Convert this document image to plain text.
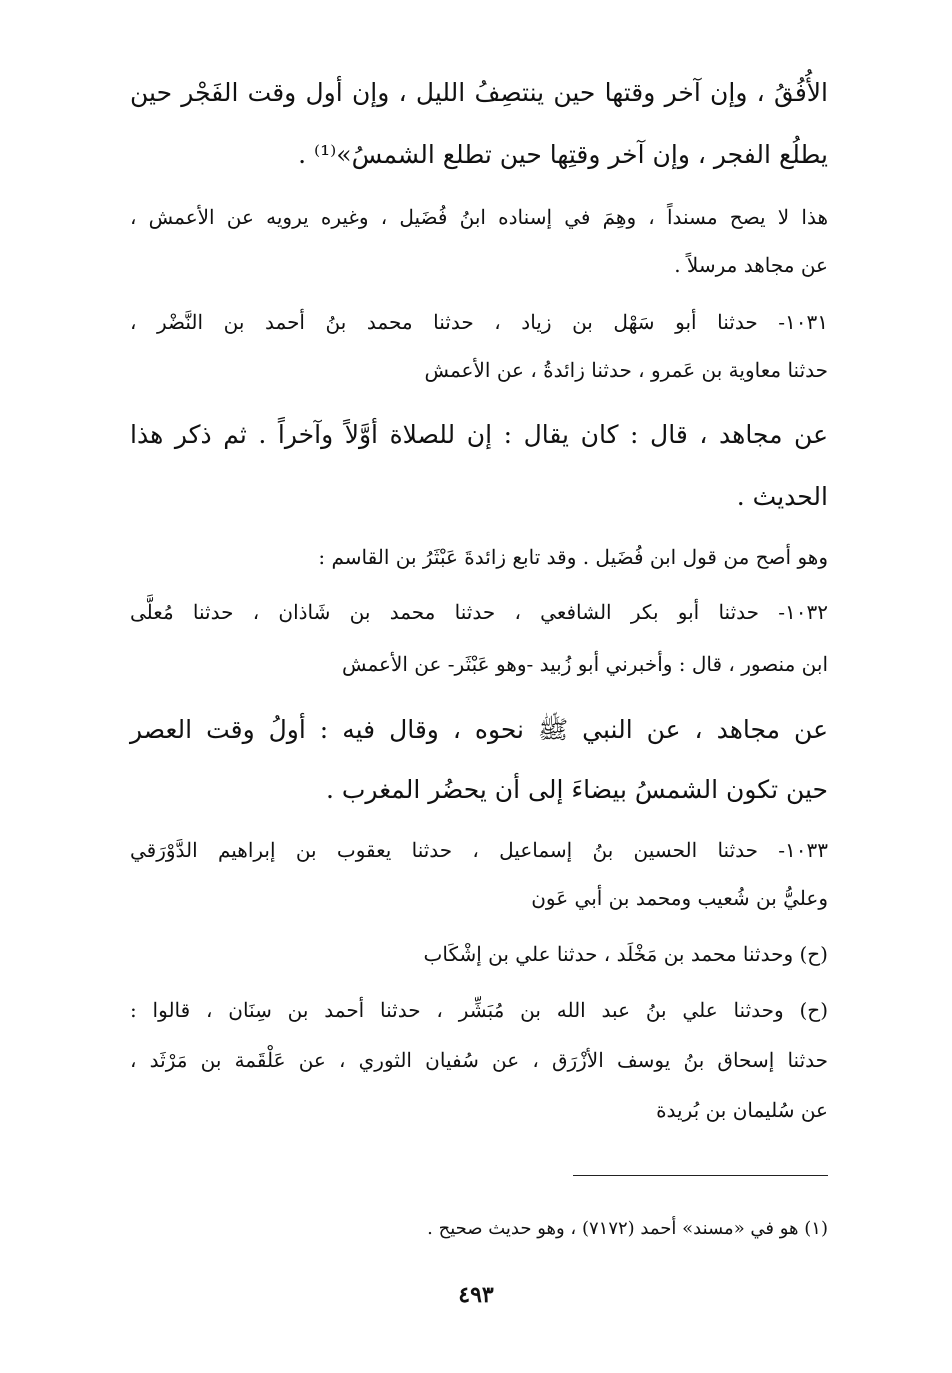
الأُفُقُ ، وإن آخر وقتها حين ينتصِفُ الليل ، وإن أول وقت الفَجْر حين
يطلُع الفجر ، وإن آخر وقتِها حين تطلع الشمسُ»⁽¹⁾ .
هذا لا يصح مسنداً ، وهِمَ في إسناده ابنُ فُضَيل ، وغيره يرويه عن الأعمش ،
عن مجاهد مرسلاً .
١٠٣١- حدثنا أبو سَهْل بن زياد ، حدثنا محمد بنُ أحمد بن النَّضْر ،
حدثنا معاوية بن عَمرو ، حدثنا زائدةُ ، عن الأعمش
عن مجاهد ، قال : كان يقال : إن للصلاة أوَّلاً وآخراً . ثم ذكر هذا
الحديث .
وهو أصح من قول ابن فُضَيل . وقد تابع زائدةَ عَبْثَرُ بن القاسم :
١٠٣٢- حدثنا أبو بكر الشافعي ، حدثنا محمد بن شَاذان ، حدثنا مُعلَّى
ابن منصور ، قال : وأخبرني أبو زُبيد -وهو عَبْثَر- عن الأعمش
عن مجاهد ، عن النبي ﷺ نحوه ، وقال فيه : أولُ وقت العصر
حين تكون الشمسُ بيضاءَ إلى أن يحضُر المغرب .
١٠٣٣- حدثنا الحسين بنُ إسماعيل ، حدثنا يعقوب بن إبراهيم الدَّوْرَقي
وعليُّ بن شُعيب ومحمد بن أبي عَون
(ح) وحدثنا محمد بن مَخْلَد ، حدثنا علي بن إشْكَاب
(ح) وحدثنا علي بنُ عبد الله بن مُبَشِّر ، حدثنا أحمد بن سِنَان ، قالوا :
حدثنا إسحاق بنُ يوسف الأزْرَق ، عن سُفيان الثوري ، عن عَلْقَمة بن مَرْثَد ،
عن سُليمان بن بُريدة
(١) هو في «مسند» أحمد (٧١٧٢) ، وهو حديث صحيح .
٤٩٣
